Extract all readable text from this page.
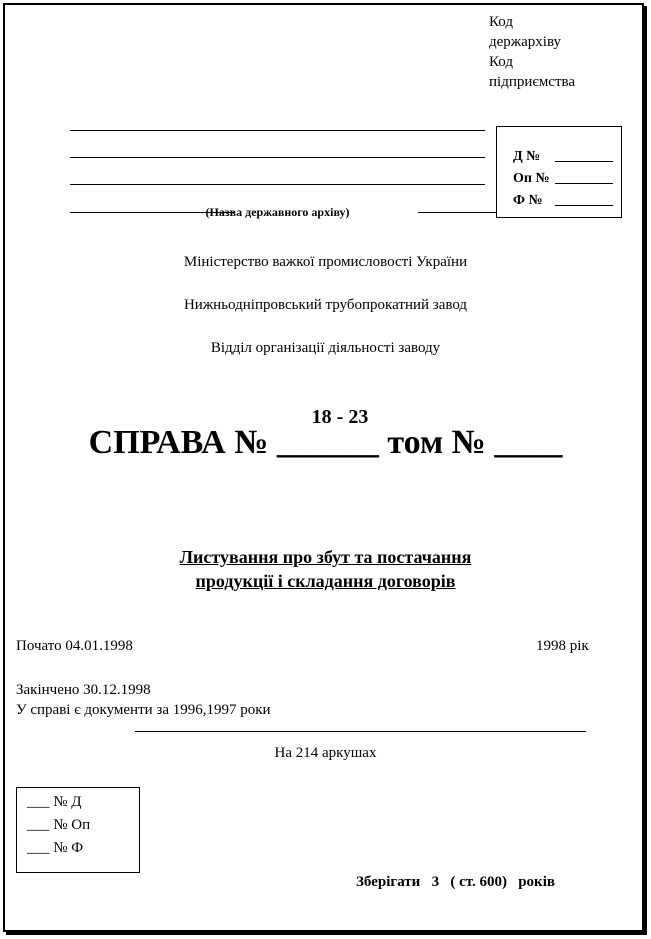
Код
держархіву
Код
підприємства
(Назва державного архіву)
Д №
Оп №
Ф №
Міністерство важкої промисловості України
Нижньодніпровський трубопрокатний завод
Відділ організації діяльності заводу
18 - 23
СПРАВА № ______ том № ____
Листування про збут та постачання
продукції і складання договорів
Почато 04.01.1998	1998 рік
Закінчено 30.12.1998
У справі є документи за 1996,1997 роки
На 214 аркушах
___ № Д
___ № Оп
___ № Ф
Зберігати   3   ( ст. 600)   років
